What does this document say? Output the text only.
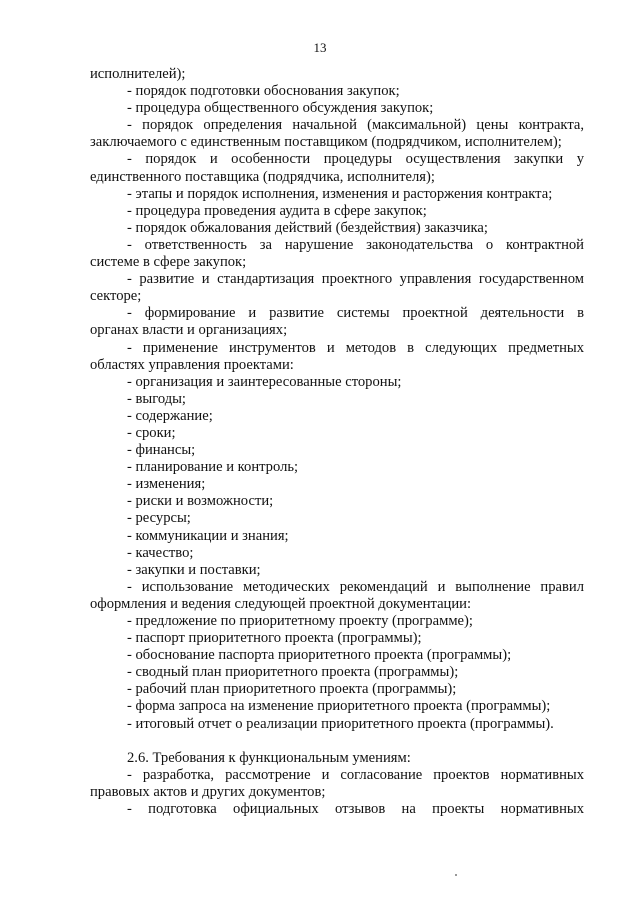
13
исполнителей);
- порядок подготовки обоснования закупок;
- процедура общественного обсуждения закупок;
- порядок определения начальной (максимальной) цены контракта,
заключаемого с единственным поставщиком (подрядчиком, исполнителем);
- порядок и особенности процедуры осуществления закупки у
единственного поставщика (подрядчика, исполнителя);
- этапы и порядок исполнения, изменения и расторжения контракта;
- процедура проведения аудита в сфере закупок;
- порядок обжалования действий (бездействия) заказчика;
- ответственность за нарушение законодательства о контрактной
системе в сфере закупок;
- развитие и стандартизация проектного управления государственном
секторе;
- формирование и развитие системы проектной деятельности в
органах власти и организациях;
- применение инструментов и методов в следующих предметных
областях управления проектами:
- организация и заинтересованные стороны;
- выгоды;
- содержание;
- сроки;
- финансы;
- планирование и контроль;
- изменения;
- риски и возможности;
- ресурсы;
- коммуникации и знания;
- качество;
- закупки и поставки;
- использование методических рекомендаций и выполнение правил
оформления и ведения следующей проектной документации:
- предложение по приоритетному проекту (программе);
- паспорт приоритетного проекта (программы);
- обоснование паспорта приоритетного проекта (программы);
- сводный план приоритетного проекта (программы);
- рабочий план приоритетного проекта (программы);
- форма запроса на изменение приоритетного проекта (программы);
- итоговый отчет о реализации приоритетного проекта (программы).
2.6. Требования к функциональным умениям:
- разработка, рассмотрение и согласование проектов нормативных
правовых актов и других документов;
- подготовка официальных отзывов на проекты нормативных
